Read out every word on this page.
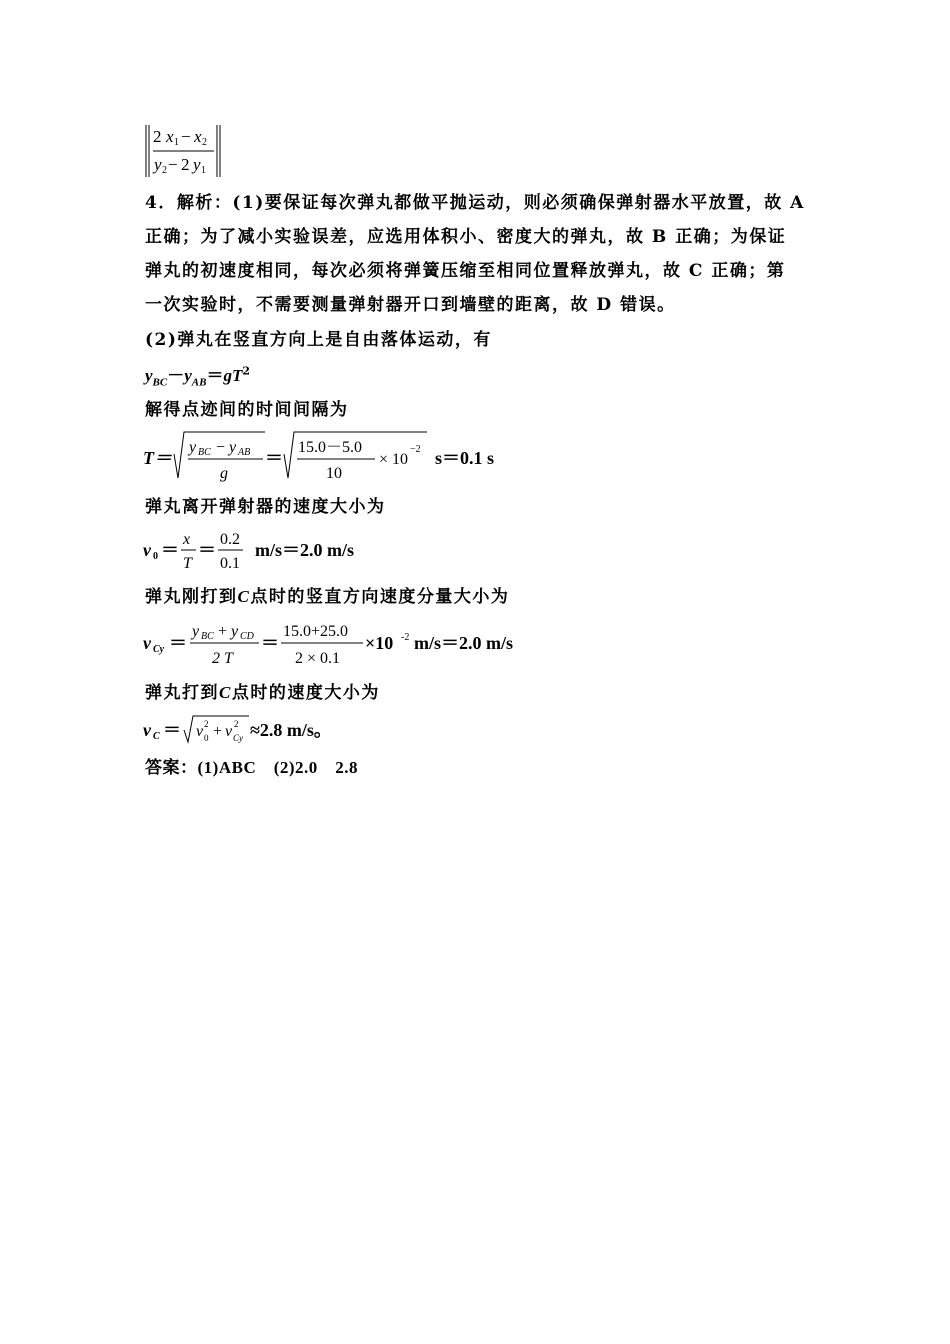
2 x 1 − x 2
y 2 − 2 y 1
4．解析：(1)要保证每次弹丸都做平抛运动，则必须确保弹射器水平放置，故 A
正确；为了减小实验误差，应选用体积小、密度大的弹丸，故 B 正确；为保证
弹丸的初速度相同，每次必须将弹簧压缩至相同位置释放弹丸，故 C 正确；第
一次实验时，不需要测量弹射器开口到墙壁的距离，故 D 错误。
(2)弹丸在竖直方向上是自由落体运动，有
$y_{BC}-y_{AB}=gT^2$
解得点迹间的时间间隔为
T＝
y BC − y AB
g
＝
15.0－5.0
10
× 10
−2 s＝0.1 s
弹丸离开弹射器的速度大小为
v 0 ＝
x
T
＝
0.2
0.1
m/s＝2.0 m/s
弹丸刚打到C点时的竖直方向速度分量大小为
v Cy ＝
y BC + y CD
2 T
＝
15.0+25.0
2 × 0.1
×10 -2 m/s＝2.0 m/s
弹丸打到C点时的速度大小为
v C ＝ v 2
0 + v 2
Cy ≈2.8 m/s。
答案：(1)ABC　(2)2.0　2.8
